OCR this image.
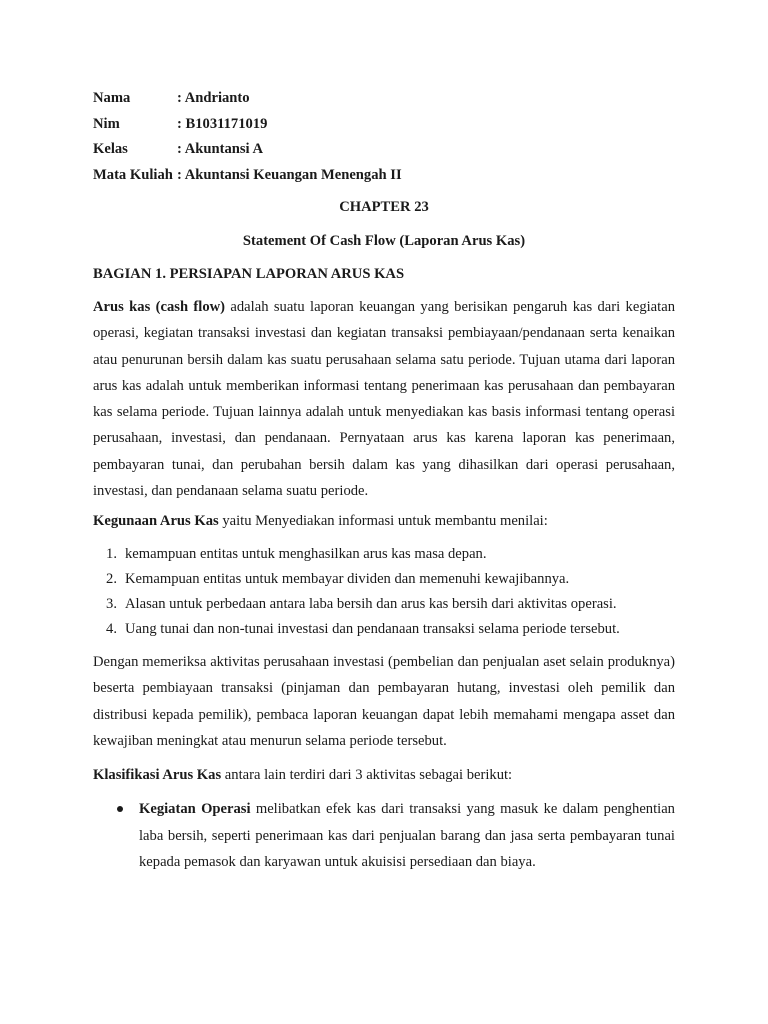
Nama	: Andrianto
Nim	: B1031171019
Kelas	: Akuntansi A
Mata Kuliah : Akuntansi Keuangan Menengah II
CHAPTER 23
Statement Of Cash Flow (Laporan Arus Kas)
BAGIAN 1. PERSIAPAN LAPORAN ARUS KAS
Arus kas (cash flow) adalah suatu laporan keuangan yang berisikan pengaruh kas dari kegiatan operasi, kegiatan transaksi investasi dan kegiatan transaksi pembiayaan/pendanaan serta kenaikan atau penurunan bersih dalam kas suatu perusahaan selama satu periode. Tujuan utama dari laporan arus kas adalah untuk memberikan informasi tentang penerimaan kas perusahaan dan pembayaran kas selama periode. Tujuan lainnya adalah untuk menyediakan kas basis informasi tentang operasi perusahaan, investasi, dan pendanaan. Pernyataan arus kas karena laporan kas penerimaan, pembayaran tunai, dan perubahan bersih dalam kas yang dihasilkan dari operasi perusahaan, investasi, dan pendanaan selama suatu periode.
Kegunaan Arus Kas yaitu Menyediakan informasi untuk membantu menilai:
1. kemampuan entitas untuk menghasilkan arus kas masa depan.
2. Kemampuan entitas untuk membayar dividen dan memenuhi kewajibannya.
3. Alasan untuk perbedaan antara laba bersih dan arus kas bersih dari aktivitas operasi.
4. Uang tunai dan non-tunai investasi dan pendanaan transaksi selama periode tersebut.
Dengan memeriksa aktivitas perusahaan investasi (pembelian dan penjualan aset selain produknya) beserta pembiayaan transaksi (pinjaman dan pembayaran hutang, investasi oleh pemilik dan distribusi kepada pemilik), pembaca laporan keuangan dapat lebih memahami mengapa asset dan kewajiban meningkat atau menurun selama periode tersebut.
Klasifikasi Arus Kas antara lain terdiri dari 3 aktivitas sebagai berikut:
Kegiatan Operasi melibatkan efek kas dari transaksi yang masuk ke dalam penghentian laba bersih, seperti penerimaan kas dari penjualan barang dan jasa serta pembayaran tunai kepada pemasok dan karyawan untuk akuisisi persediaan dan biaya.
